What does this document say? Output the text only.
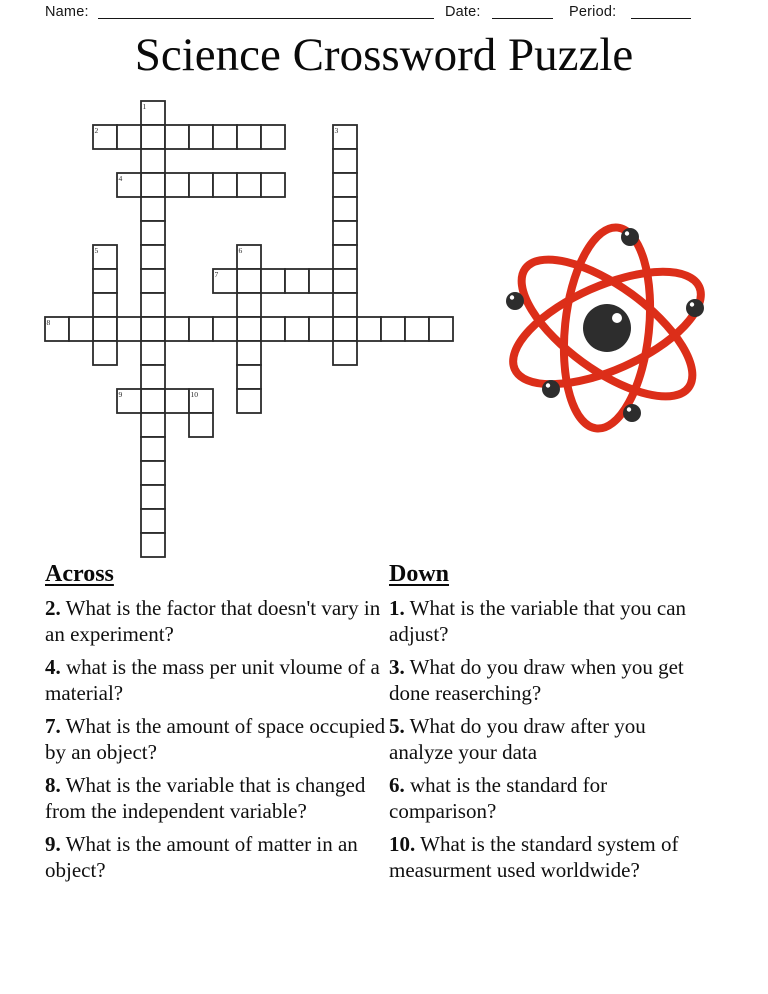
Name:	Date:	Period:
Science Crossword Puzzle
1
2	3
4
5	6
7
8
9	10
Across

2. What is the factor that doesn't vary in an experiment?

4. what is the mass per unit vloume of a material?

7. What is the amount of space occupied by an object?

8. What is the variable that is changed from the independent variable?

9. What is the amount of matter in an object?

Down

1. What is the variable that you can adjust?

3. What do you draw when you get done reaserching?

5. What do you draw after you analyze your data

6. what is the standard for comparison?

10. What is the standard system of measurment used worldwide?
